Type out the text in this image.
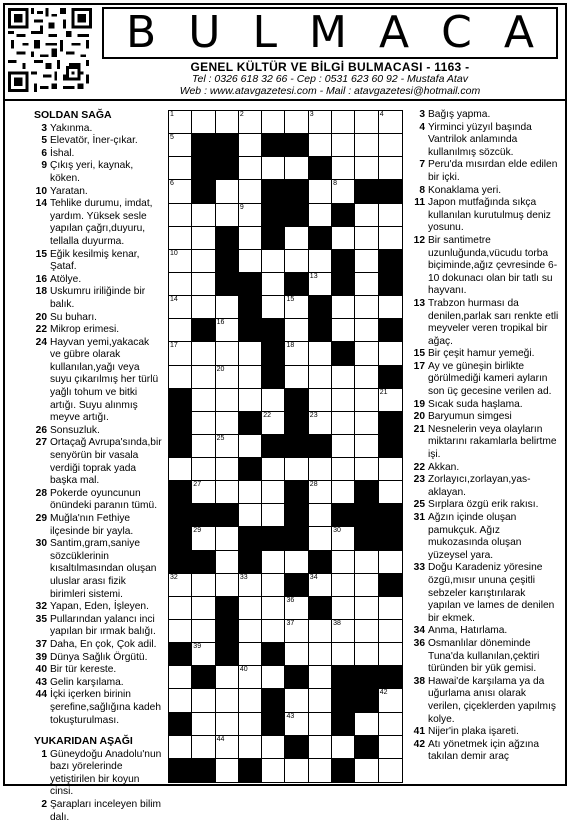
B U L M A C A
GENEL KÜLTÜR VE BİLGİ BULMACASI - 1163 -
Tel : 0326 618 32 66 - Cep : 0531 623 60 92 - Mustafa Atav
Web : www.atavgazetesi.com - Mail : atavgazetesi@hotmail.com
SOLDAN SAĞA
3 Yakınma.
5 Elevatör, İner-çıkar.
6 İshal.
9 Çıkış yeri, kaynak, köken.
10 Yaratan.
14 Tehlike durumu, imdat, yardım. Yüksek sesle yapılan çağrı,duyuru, tellalla duyurma.
15 Eğik kesilmiş kenar, Şataf.
16 Atölye.
18 Uskumru iriliğinde bir balık.
20 Su buharı.
22 Mikrop erimesi.
24 Hayvan yemi,yakacak ve gübre olarak kullanılan,yağı veya suyu çıkarılmış her türlü yağlı tohum ve bitki artığı. Suyu alınmış meyve artığı.
26 Sonsuzluk.
27 Ortaçağ Avrupa'sında,bir senyörün bir vasala verdiği toprak yada başka mal.
28 Pokerde oyuncunun önündeki paranın tümü.
29 Muğla'nın Fethiye ilçesinde bir yayla.
30 Santim,gram,saniye sözcüklerinin kısaltılmasından oluşan uluslar arası fizik birimleri sistemi.
32 Yapan, Eden, İşleyen.
35 Pullarından yalancı inci yapılan bir ırmak balığı.
37 Daha, En çok, Çok adil.
39 Dünya Sağlık Örgütü.
40 Bir tür kereste.
43 Gelin karşılama.
44 İçki içerken birinin şerefine,sağlığına kadeh tokuşturulması.
YUKARIDAN AŞAĞI
1 Güneydoğu Anadolu'nun bazı yörelerinde yetiştirilen bir koyun cinsi.
2 Şarapları inceleyen bilim dalı.
1	2	3	4
5
6	8
9
10
13
14	15
16
17	18
20
21
22	23
25
27	28
29	30
32	33	34
36
37	38
39
40
42
43
44
3 Bağış yapma.
4 Yirminci yüzyıl başında Vantrilok anlamında kullanılmış sözcük.
7 Peru'da mısırdan elde edilen bir içki.
8 Konaklama yeri.
11 Japon mutfağında sıkça kullanılan kurutulmuş deniz yosunu.
12 Bir santimetre uzunluğunda,vücudu torba biçiminde,ağız çevresinde 6-10 dokunacı olan bir tatlı su hayvanı.
13 Trabzon hurması da denilen,parlak sarı renkte etli meyveler veren tropikal bir ağaç.
15 Bir çeşit hamur yemeği.
17 Ay ve güneşin birlikte görülmediği kameri ayların son üç gecesine verilen ad.
19 Sıcak suda haşlama.
20 Baryumun simgesi
21 Nesnelerin veya olayların miktarını rakamlarla belirtme işi.
22 Akkan.
23 Zorlayıcı,zorlayan,yas-aklayan.
25 Sırplara özgü erik rakısı.
31 Ağzın içinde oluşan pamukçuk. Ağız mukozasında oluşan yüzeysel yara.
33 Doğu Karadeniz yöresine özgü,mısır ununa çeşitli sebzeler karıştırılarak yapılan ve lames de denilen bir ekmek.
34 Anma, Hatırlama.
36 Osmanlılar döneminde Tuna'da kullanılan,çektiri türünden bir yük gemisi.
38 Hawai'de karşılama ya da uğurlama anısı olarak verilen, çiçeklerden yapılmış kolye.
41 Nijer'in plaka işareti.
42 Atı yönetmek için ağzına takılan demir araç
